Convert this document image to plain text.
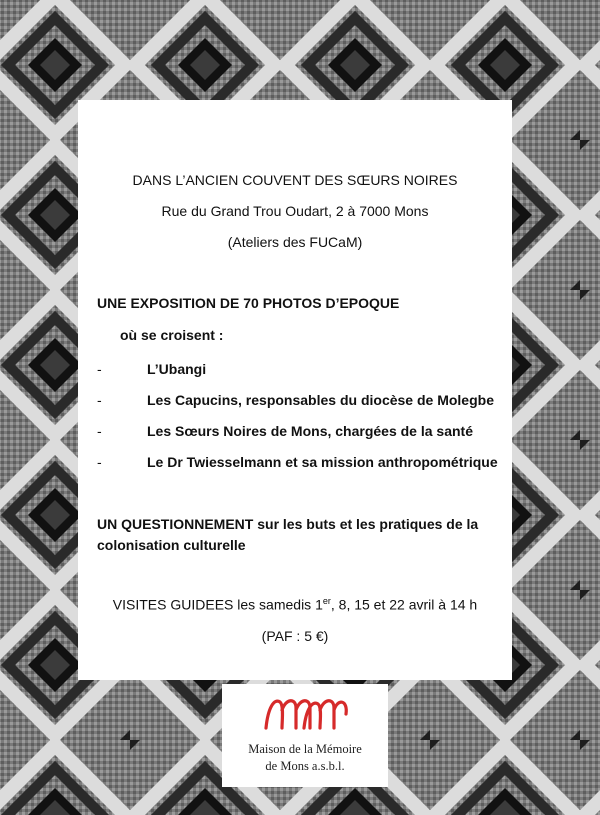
DANS L’ANCIEN COUVENT DES SŒURS NOIRES
Rue du Grand Trou Oudart, 2 à 7000 Mons
(Ateliers des FUCaM)
UNE EXPOSITION DE 70 PHOTOS D’EPOQUE
où se croisent :
-	L’Ubangi
-	Les Capucins, responsables du diocèse de Molegbe
-	Les Sœurs Noires de Mons, chargées de la santé
-	Le Dr Twiesselmann et sa mission anthropométrique
UN QUESTIONNEMENT sur les buts et les pratiques de la colonisation culturelle
VISITES GUIDEES les samedis 1er, 8, 15 et 22 avril à 14 h
(PAF : 5 €)
Maison de la Mémoire
de Mons a.s.b.l.
